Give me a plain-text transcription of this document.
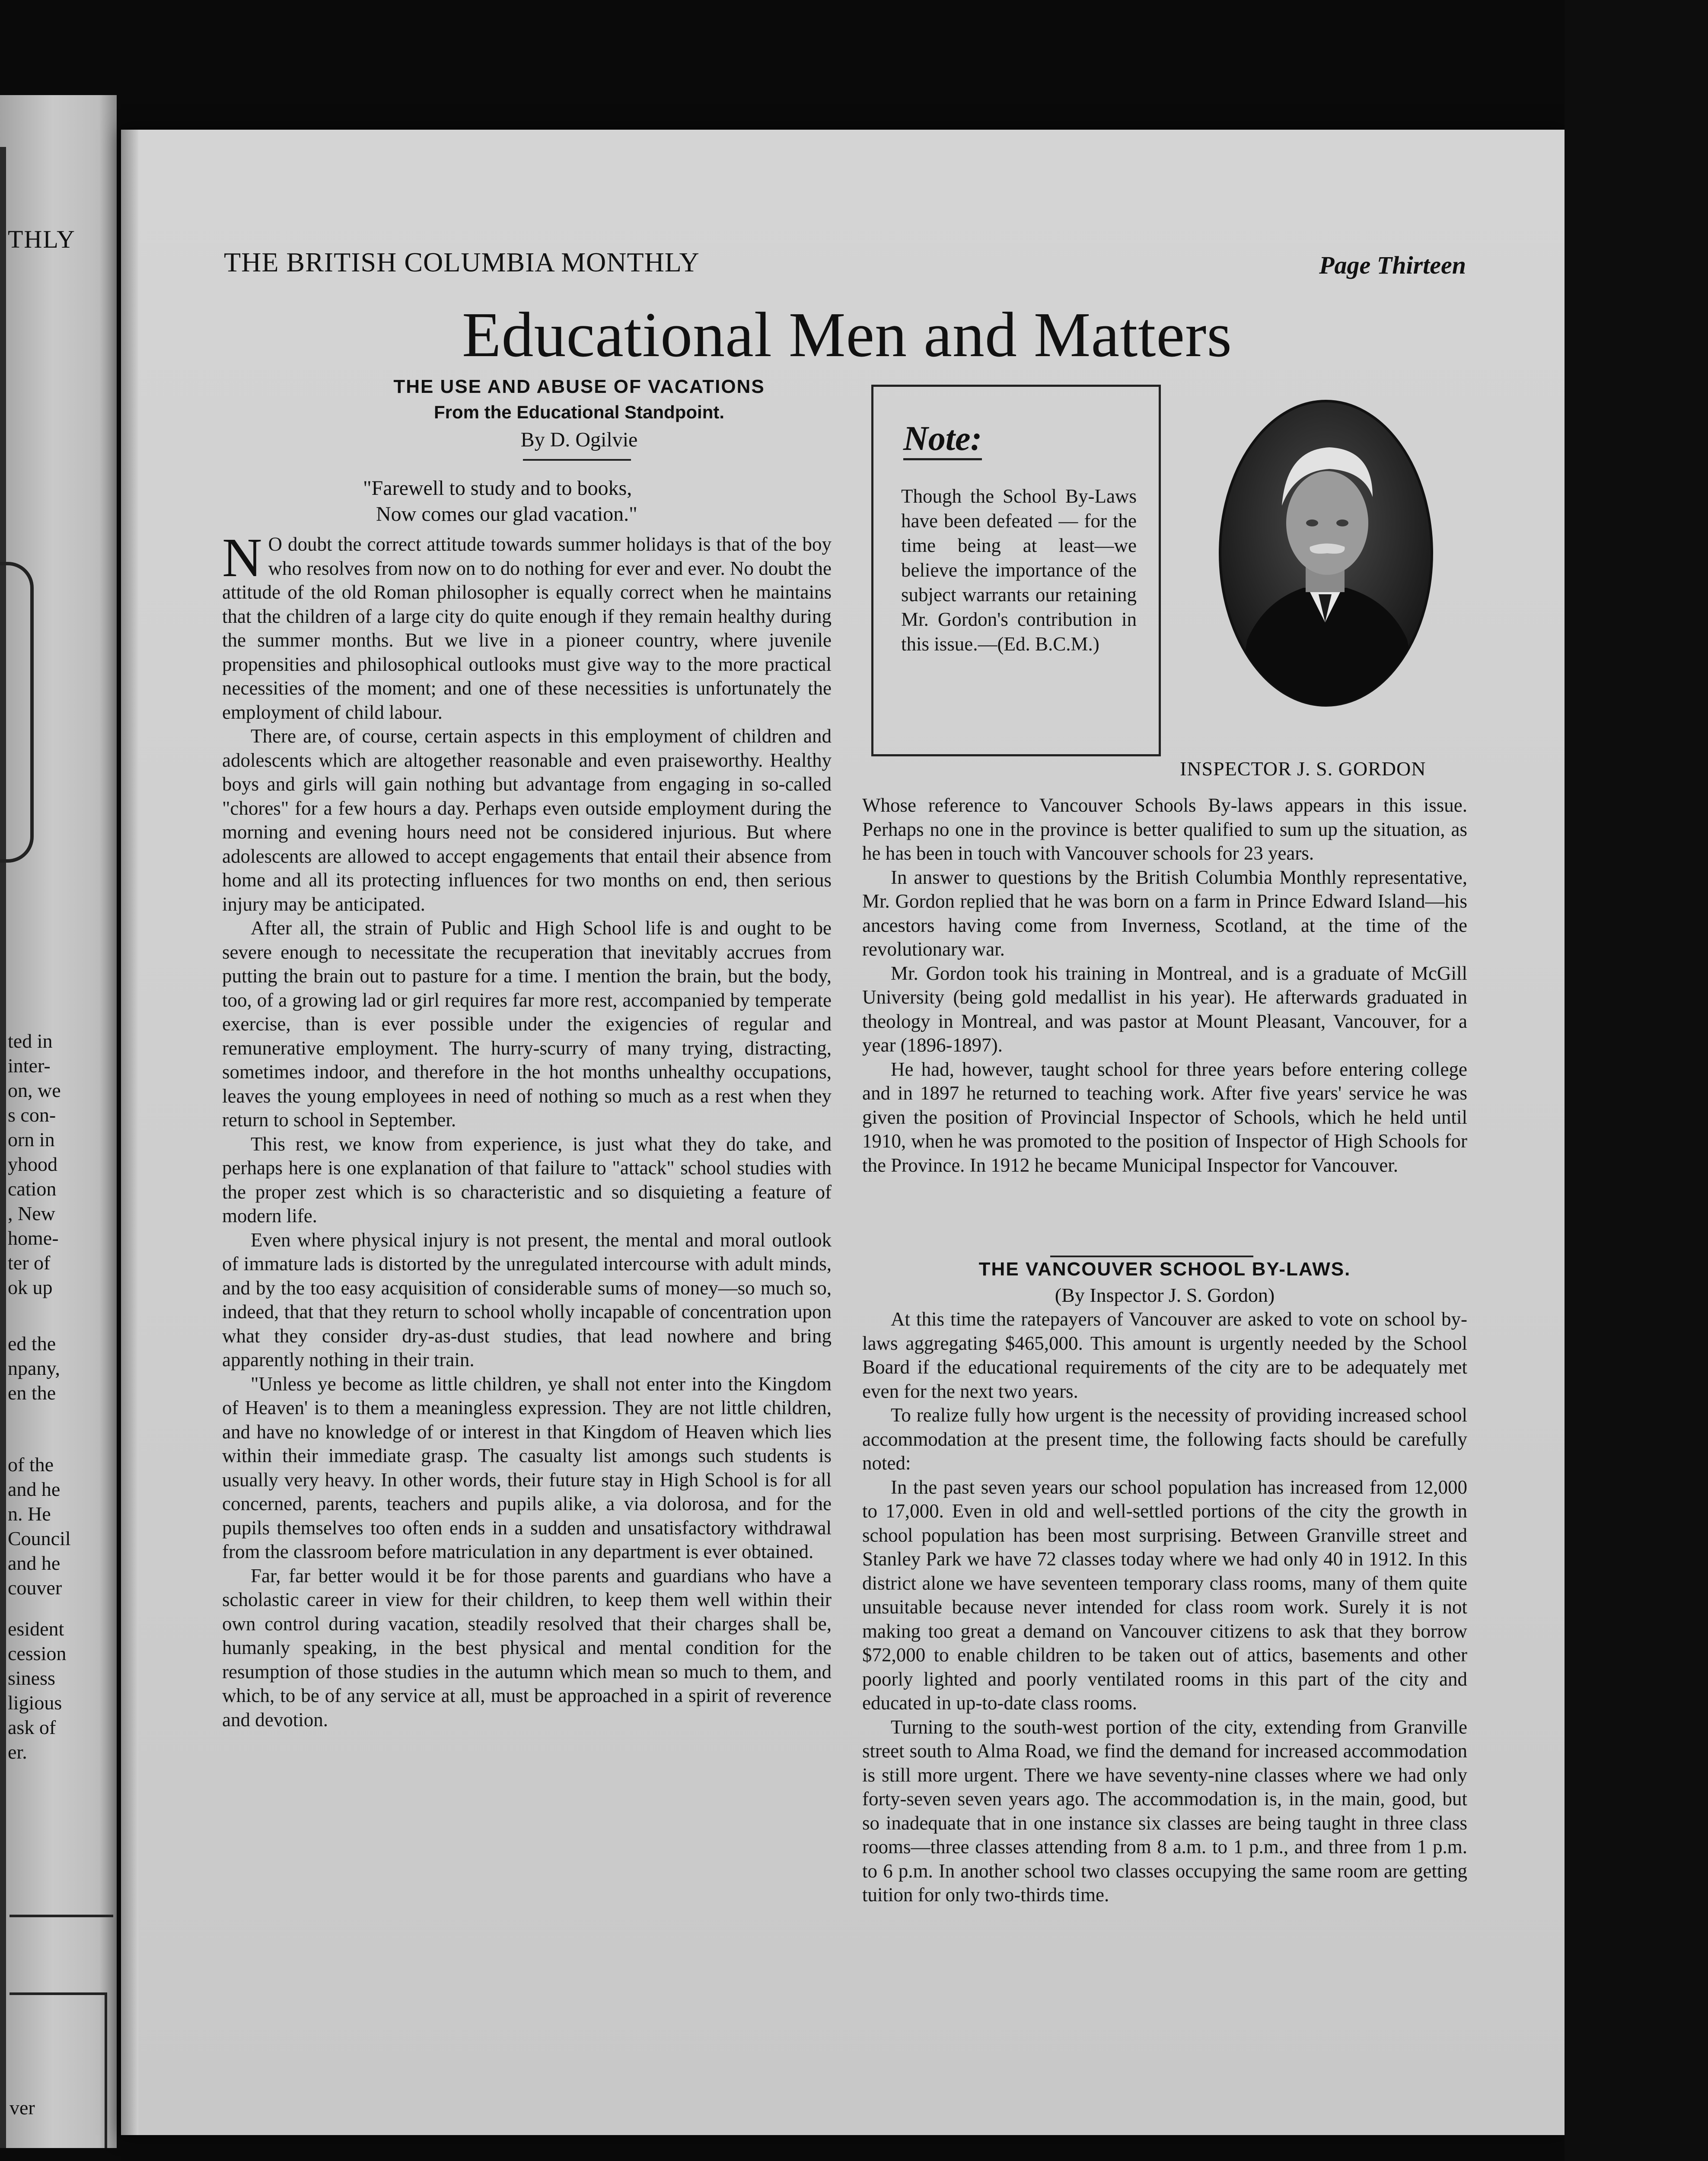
THLY
ted in
inter-
on, we
s con-
orn in
yhood
cation
, New
home-
ter of
ok up
ed the
npany,
en the
of the
and he
n. He
Council
and he
couver
esident
cession
siness
ligious
ask of
er.
ver
THE BRITISH COLUMBIA MONTHLY	Page Thirteen
Educational Men and Matters
THE USE AND ABUSE OF VACATIONS
From the Educational Standpoint.
By D. Ogilvie
"Farewell to study and to books,
Now comes our glad vacation."

N O doubt the correct attitude towards summer holidays is that of the boy who resolves from now on to do nothing for ever and ever. No doubt the attitude of the old Roman philosopher is equally correct when he maintains that the children of a large city do quite enough if they remain healthy during the summer months. But we live in a pioneer country, where juvenile propensities and philosophical outlooks must give way to the more practical necessities of the moment; and one of these necessities is unfortunately the employment of child labour.

There are, of course, certain aspects in this employment of children and adolescents which are altogether reasonable and even praiseworthy. Healthy boys and girls will gain nothing but advantage from engaging in so-called "chores" for a few hours a day. Perhaps even outside employment during the morning and evening hours need not be considered injurious. But where adolescents are allowed to accept engagements that entail their absence from home and all its protecting influences for two months on end, then serious injury may be anticipated.

After all, the strain of Public and High School life is and ought to be severe enough to necessitate the recuperation that inevitably accrues from putting the brain out to pasture for a time. I mention the brain, but the body, too, of a growing lad or girl requires far more rest, accompanied by temperate exercise, than is ever possible under the exigencies of regular and remunerative employment. The hurry-scurry of many trying, distracting, sometimes indoor, and therefore in the hot months unhealthy occupations, leaves the young employees in need of nothing so much as a rest when they return to school in September.

This rest, we know from experience, is just what they do take, and perhaps here is one explanation of that failure to "attack" school studies with the proper zest which is so characteristic and so disquieting a feature of modern life.

Even where physical injury is not present, the mental and moral outlook of immature lads is distorted by the unregulated intercourse with adult minds, and by the too easy acquisition of considerable sums of money—so much so, indeed, that that they return to school wholly incapable of concentration upon what they consider dry-as-dust studies, that lead nowhere and bring apparently nothing in their train.

"Unless ye become as little children, ye shall not enter into the Kingdom of Heaven' is to them a meaningless expression. They are not little children, and have no knowledge of or interest in that Kingdom of Heaven which lies within their immediate grasp. The casualty list amongs such students is usually very heavy. In other words, their future stay in High School is for all concerned, parents, teachers and pupils alike, a via dolorosa, and for the pupils themselves too often ends in a sudden and unsatisfactory withdrawal from the classroom before matriculation in any department is ever obtained.

Far, far better would it be for those parents and guardians who have a scholastic career in view for their children, to keep them well within their own control during vacation, steadily resolved that their charges shall be, humanly speaking, in the best physical and mental condition for the resumption of those studies in the autumn which mean so much to them, and which, to be of any service at all, must be approached in a spirit of reverence and devotion.

Note:
Though the School By-Laws have been defeated — for the time being at least—we believe the importance of the subject warrants our retaining Mr. Gordon's contribution in this issue.—(Ed. B.C.M.)
INSPECTOR J. S. GORDON

Whose reference to Vancouver Schools By-laws appears in this issue. Perhaps no one in the province is better qualified to sum up the situation, as he has been in touch with Vancouver schools for 23 years.

In answer to questions by the British Columbia Monthly representative, Mr. Gordon replied that he was born on a farm in Prince Edward Island—his ancestors having come from Inverness, Scotland, at the time of the revolutionary war.

Mr. Gordon took his training in Montreal, and is a graduate of McGill University (being gold medallist in his year). He afterwards graduated in theology in Montreal, and was pastor at Mount Pleasant, Vancouver, for a year (1896-1897).

He had, however, taught school for three years before entering college and in 1897 he returned to teaching work. After five years' service he was given the position of Provincial Inspector of Schools, which he held until 1910, when he was promoted to the position of Inspector of High Schools for the Province. In 1912 he became Municipal Inspector for Vancouver.

THE VANCOUVER SCHOOL BY-LAWS.
(By Inspector J. S. Gordon)

At this time the ratepayers of Vancouver are asked to vote on school by-laws aggregating $465,000. This amount is urgently needed by the School Board if the educational requirements of the city are to be adequately met even for the next two years.

To realize fully how urgent is the necessity of providing increased school accommodation at the present time, the following facts should be carefully noted:

In the past seven years our school population has increased from 12,000 to 17,000. Even in old and well-settled portions of the city the growth in school population has been most surprising. Between Granville street and Stanley Park we have 72 classes today where we had only 40 in 1912. In this district alone we have seventeen temporary class rooms, many of them quite unsuitable because never intended for class room work. Surely it is not making too great a demand on Vancouver citizens to ask that they borrow $72,000 to enable children to be taken out of attics, basements and other poorly lighted and poorly ventilated rooms in this part of the city and educated in up-to-date class rooms.

Turning to the south-west portion of the city, extending from Granville street south to Alma Road, we find the demand for increased accommodation is still more urgent. There we have seventy-nine classes where we had only forty-seven seven years ago. The accommodation is, in the main, good, but so inadequate that in one instance six classes are being taught in three class rooms—three classes attending from 8 a.m. to 1 p.m., and three from 1 p.m. to 6 p.m. In another school two classes occupying the same room are getting tuition for only two-thirds time.
